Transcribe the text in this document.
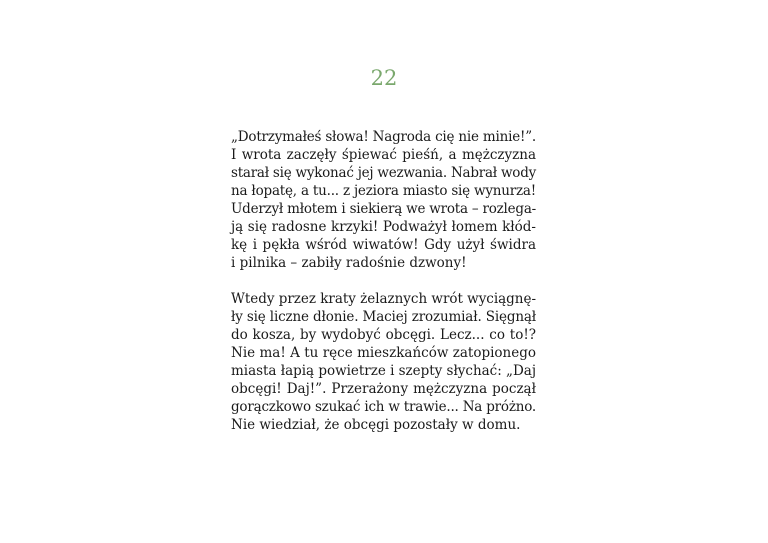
22

„Dotrzymałeś słowa! Nagroda cię nie minie!”.
I wrota zaczęły śpiewać pieśń, a mężczyzna
starał się wykonać jej wezwania. Nabrał wody
na łopatę, a tu... z jeziora miasto się wynurza!
Uderzył młotem i siekierą we wrota – rozlega-
ją się radosne krzyki! Podważył łomem kłód-
kę i pękła wśród wiwatów! Gdy użył świdra
i pilnika – zabiły radośnie dzwony!

Wtedy przez kraty żelaznych wrót wyciągnę-
ły się liczne dłonie. Maciej zrozumiał. Sięgnął
do kosza, by wydobyć obcęgi. Lecz... co to!?
Nie ma! A tu ręce mieszkańców zatopionego
miasta łapią powietrze i szepty słychać: „Daj
obcęgi! Daj!”. Przerażony mężczyzna począł
gorączkowo szukać ich w trawie... Na próżno.
Nie wiedział, że obcęgi pozostały w domu.
